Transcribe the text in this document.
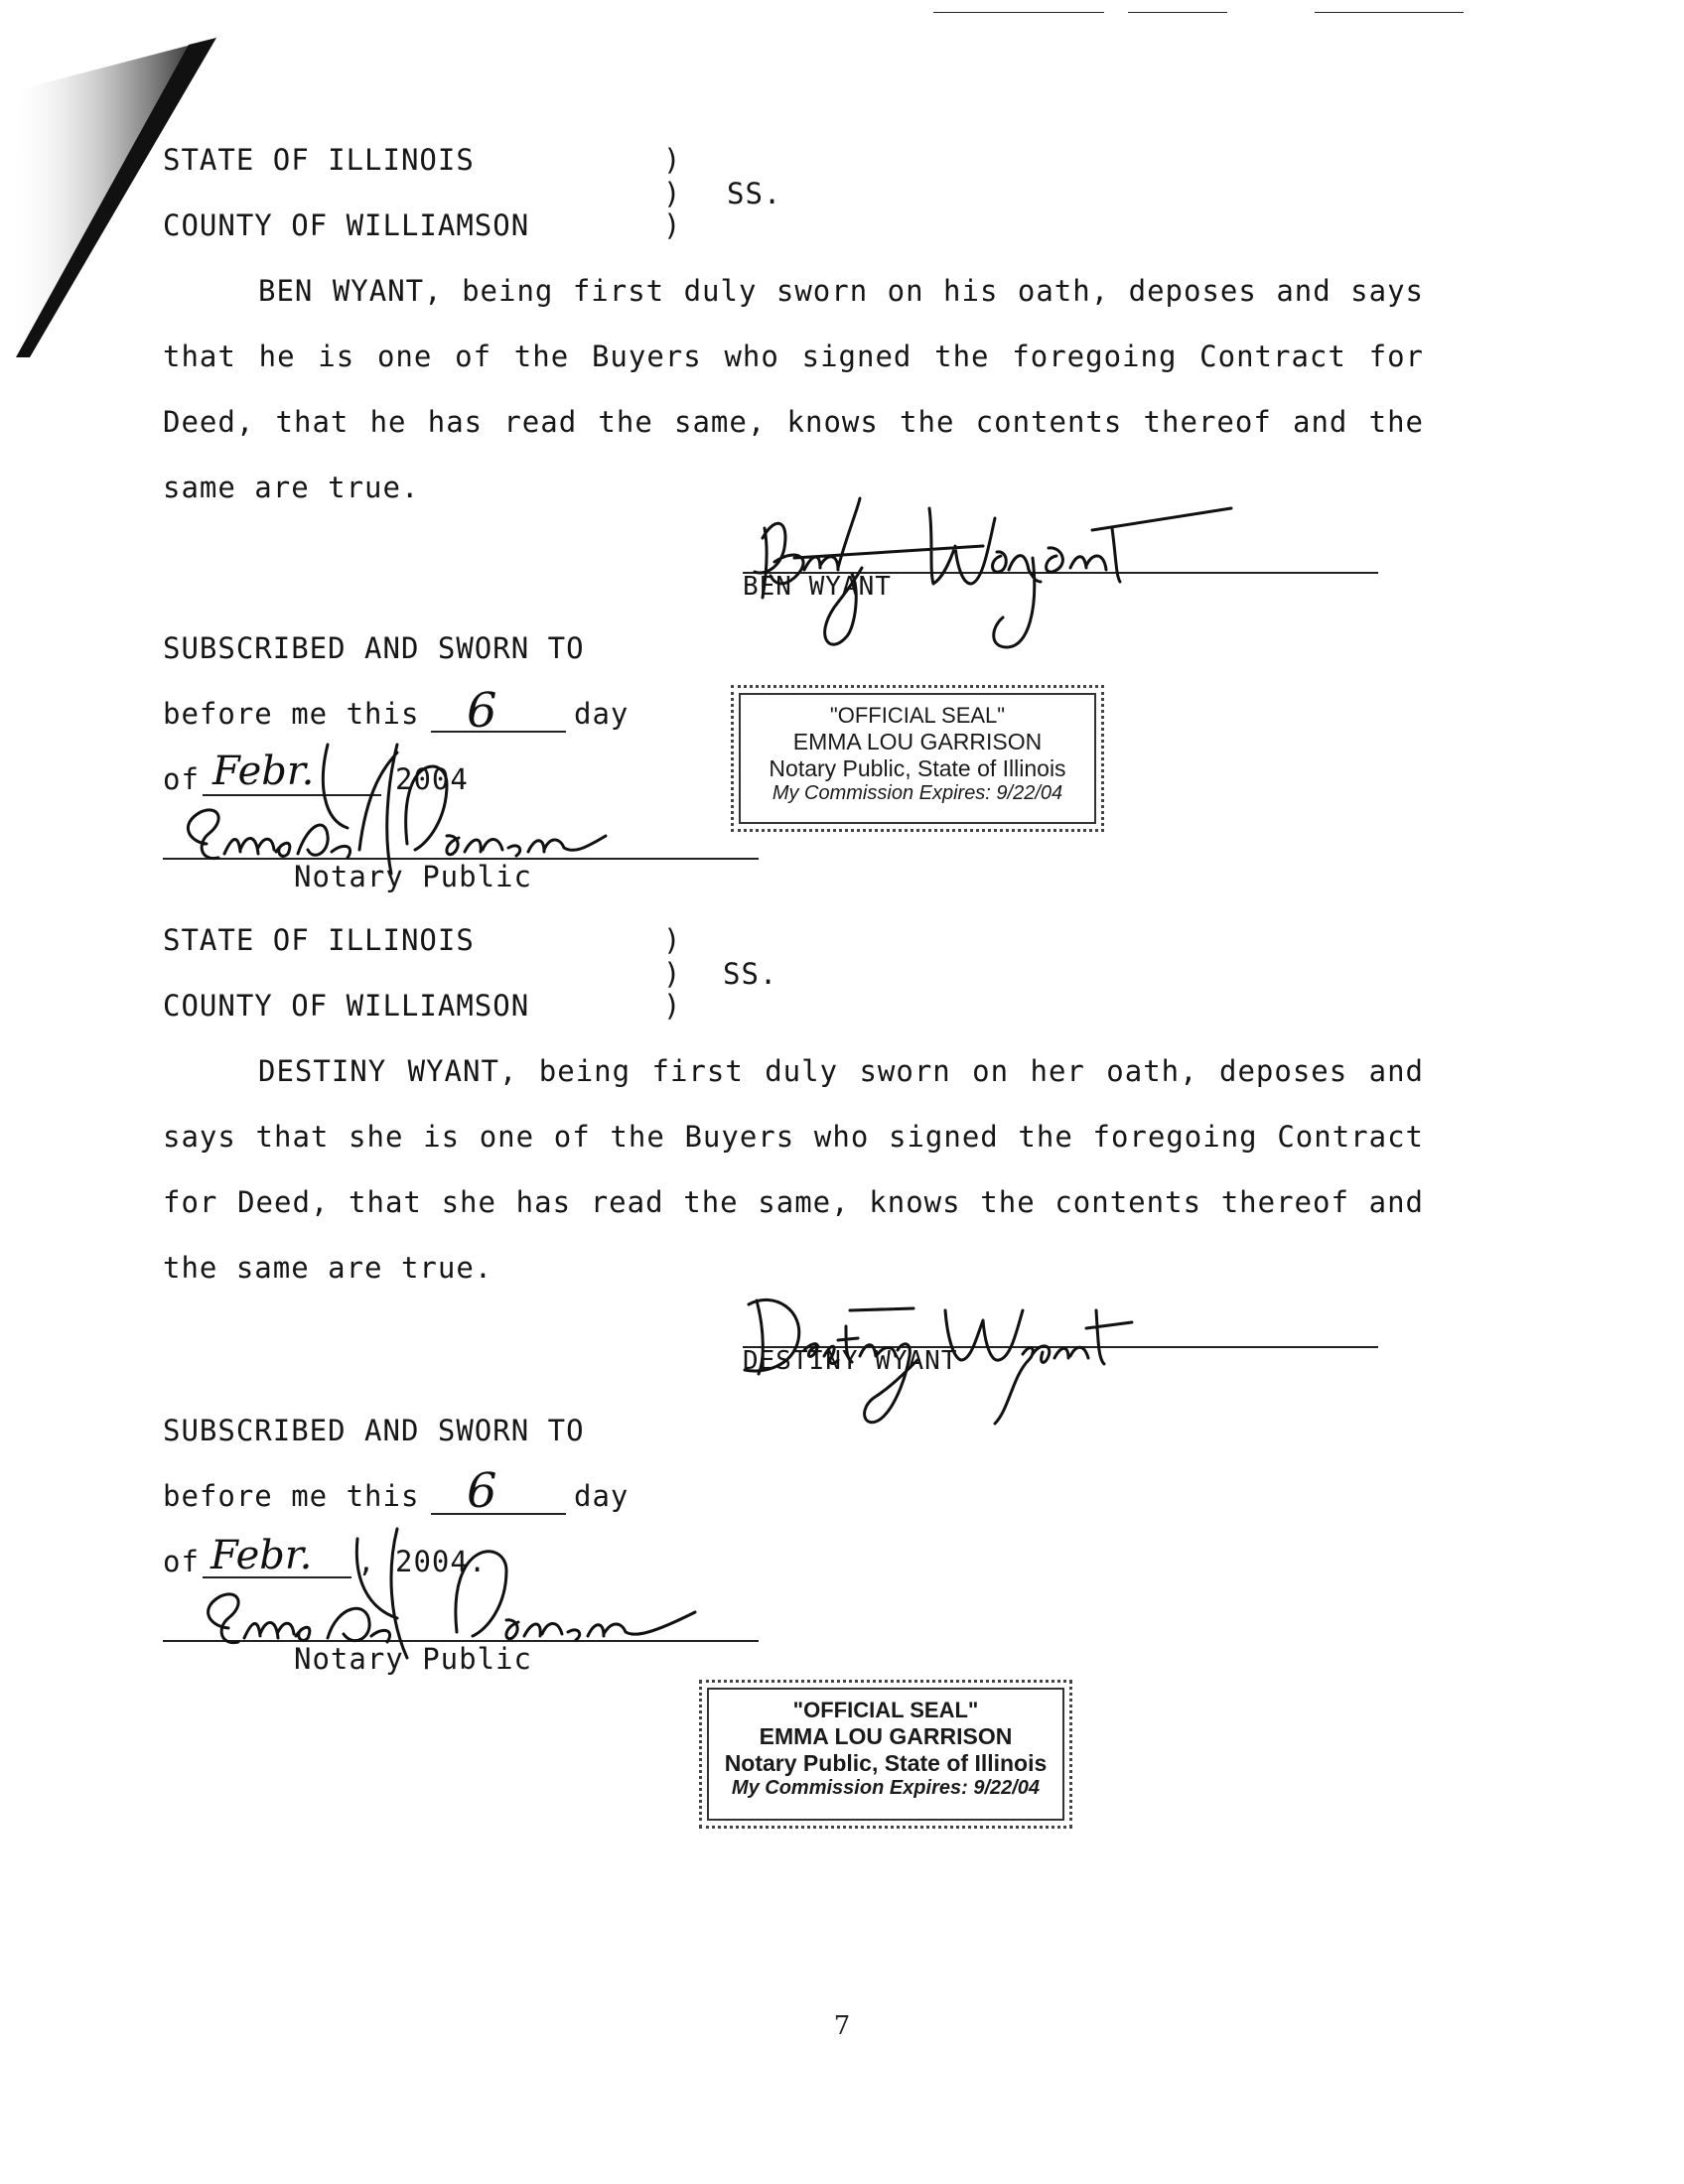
STATE OF ILLINOIS	)
) SS.
COUNTY OF WILLIAMSON	)

BEN WYANT, being first duly sworn on his oath, deposes and says that he is one of the Buyers who signed the foregoing Contract for Deed, that he has read the same, knows the contents thereof and the same are true.

BEN WYANT
SUBSCRIBED AND SWORN TO
before me this 6	day
of Febr.	2004
Notary Public
"OFFICIAL SEAL"
EMMA LOU GARRISON
Notary Public, State of Illinois
My Commission Expires: 9/22/04
STATE OF ILLINOIS	)
) SS.
COUNTY OF WILLIAMSON	)

DESTINY WYANT, being first duly sworn on her oath, deposes and says that she is one of the Buyers who signed the foregoing Contract for Deed, that she has read the same, knows the contents thereof and the same are true.

DESTINY WYANT
SUBSCRIBED AND SWORN TO
before me this 6	day
of Febr. , 2004.
Notary Public
"OFFICIAL SEAL"
EMMA LOU GARRISON
Notary Public, State of Illinois
My Commission Expires: 9/22/04
7
